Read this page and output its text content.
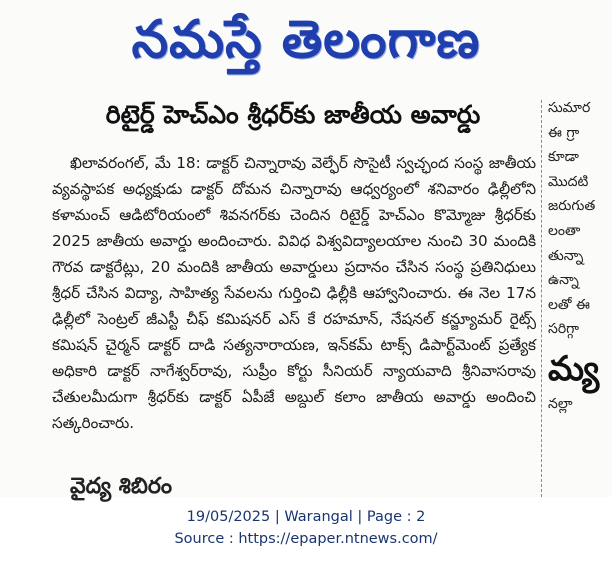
నమస్తే తెలంగాణ
రిటైర్డ్ హెచ్ఎం శ్రీధర్‌కు జాతీయ అవార్డు

ఖిలావరంగల్, మే 18: డాక్టర్ చిన్నారావు వెల్ఫేర్ సొసైటీ స్వచ్ఛంద సంస్థ జాతీయ వ్యవస్థాపక అధ్యక్షుడు డాక్టర్ దోమన చిన్నారావు ఆధ్వర్యంలో శనివారం ఢిల్లీలోని కళామంచ్ ఆడిటోరియంలో శివనగర్‌కు చెందిన రిటైర్డ్ హెచ్ఎం కొమ్మోజు శ్రీధర్‌కు 2025 జాతీయ అవార్డు అందించారు. వివిధ విశ్వవిద్యాలయాల నుంచి 30 మందికి గౌరవ డాక్టరేట్లు, 20 మందికి జాతీయ అవార్డులు ప్రదానం చేసిన సంస్థ ప్రతినిధులు శ్రీధర్ చేసిన విద్యా, సాహిత్య సేవలను గుర్తించి ఢిల్లీకి ఆహ్వానించారు. ఈ నెల 17న ఢిల్లీలో సెంట్రల్ జీఎస్టీ చీఫ్ కమిషనర్ ఎస్ కే రహమాన్, నేషనల్ కన్జ్యూమర్ రైట్స్ కమిషన్ చైర్మన్ డాక్టర్ దాడి సత్యనారాయణ, ఇన్‌కమ్ టాక్స్ డిపార్ట్‌మెంట్ ప్రత్యేక అధికారి డాక్టర్ నాగేశ్వర్‌రావు, సుప్రీం కోర్టు సీనియర్ న్యాయవాది శ్రీనివాసరావు చేతులమీదుగా శ్రీధర్‌కు డాక్టర్ ఏపీజే అబ్దుల్ కలాం జాతీయ అవార్డు అందించి సత్కరించారు.

వైద్య శిబిరం
సుమార
ఈ గ్రా
కూడా
మొదటి
జరుగుత
లంతా
తున్నా
ఉన్నా
లతో ఈ
సరిగ్గా
మ్య
నల్లా
19/05/2025 | Warangal | Page : 2
Source : https://epaper.ntnews.com/
